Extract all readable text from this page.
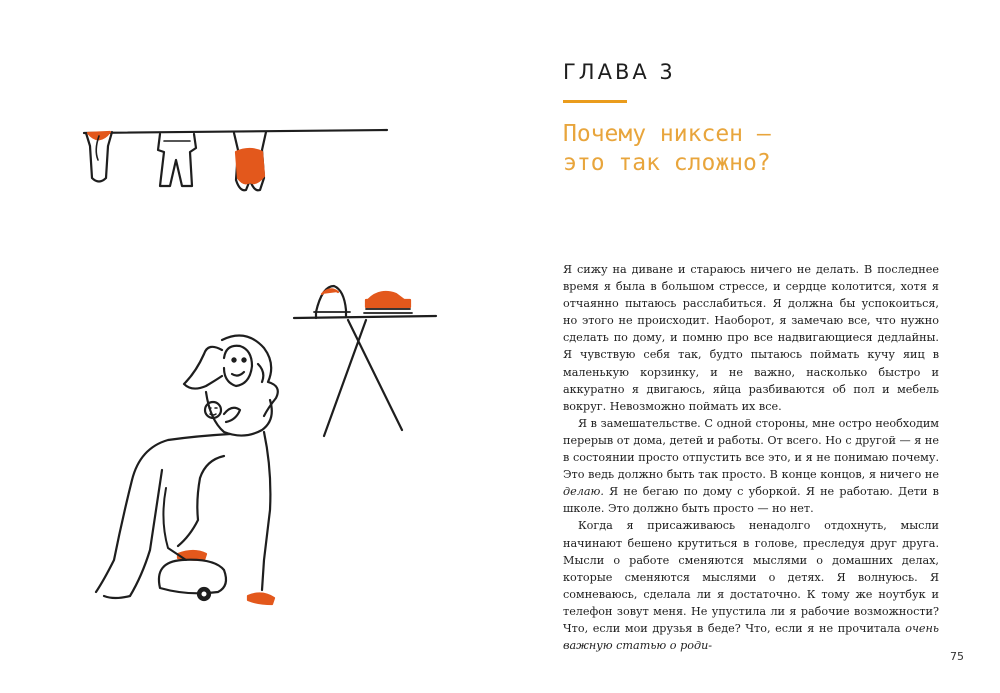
ГЛАВА 3
Почему никсен —
это так сложно?

Я сижу на диване и стараюсь ничего не делать. В последнее время я была в большом стрессе, и сердце колотится, хотя я отчаянно пытаюсь расслабиться. Я должна бы успокоиться, но этого не происходит. Наоборот, я замечаю все, что нужно сделать по дому, и помню про все надвигающиеся дедлайны. Я чувствую себя так, будто пытаюсь поймать кучу яиц в маленькую корзинку, и не важно, насколько быстро и аккуратно я двигаюсь, яйца разбиваются об пол и мебель вокруг. Невозможно поймать их все.

Я в замешательстве. С одной стороны, мне остро необходим перерыв от дома, детей и работы. От всего. Но с другой — я не в состоянии просто отпустить все это, и я не понимаю почему. Это ведь должно быть так просто. В конце концов, я ничего не делаю. Я не бегаю по дому с уборкой. Я не работаю. Дети в школе. Это должно быть просто — но нет.

Когда я присаживаюсь ненадолго отдохнуть, мысли начинают бешено крутиться в голове, преследуя друг друга. Мысли о работе сменяются мыслями о домашних делах, которые сменяются мыслями о детях. Я волнуюсь. Я сомневаюсь, сделала ли я достаточно. К тому же ноутбук и телефон зовут меня. Не упустила ли я рабочие возможности? Что, если мои друзья в беде? Что, если я не прочитала очень важную статью о роди-

75
